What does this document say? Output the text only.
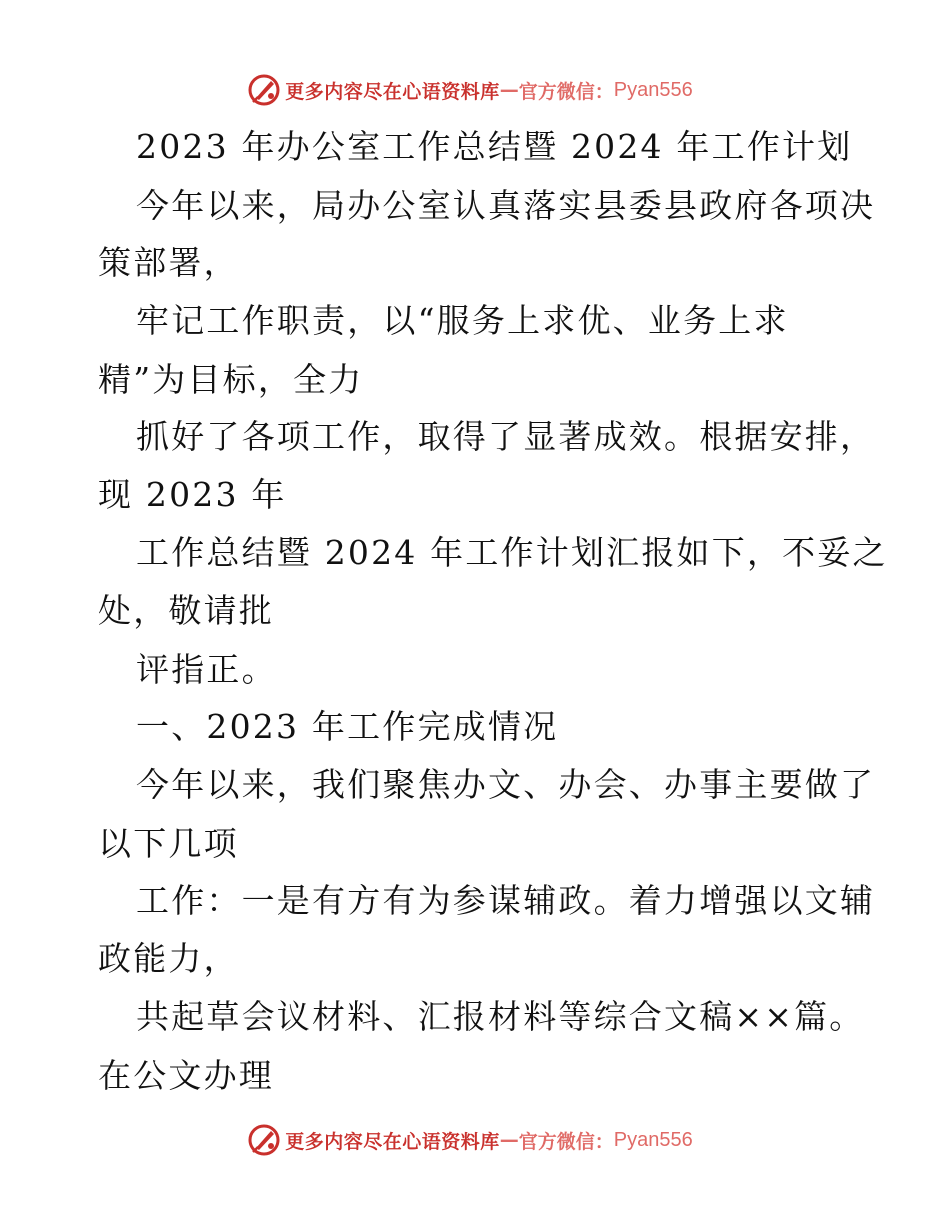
更多内容尽在心语资料库 — 官方微信： Pyan556
2023 年办公室工作总结暨 2024 年工作计划
今年以来，局办公室认真落实县委县政府各项决
策部署，
牢记工作职责，以“服务上求优、业务上求
精”为目标，全力
抓好了各项工作，取得了显著成效。根据安排，
现 2023 年
工作总结暨 2024 年工作计划汇报如下，不妥之
处，敬请批
评指正。
一、2023 年工作完成情况
今年以来，我们聚焦办文、办会、办事主要做了
以下几项
工作：一是有方有为参谋辅政。着力增强以文辅
政能力，
共起草会议材料、汇报材料等综合文稿××篇。
在公文办理
更多内容尽在心语资料库 — 官方微信： Pyan556
